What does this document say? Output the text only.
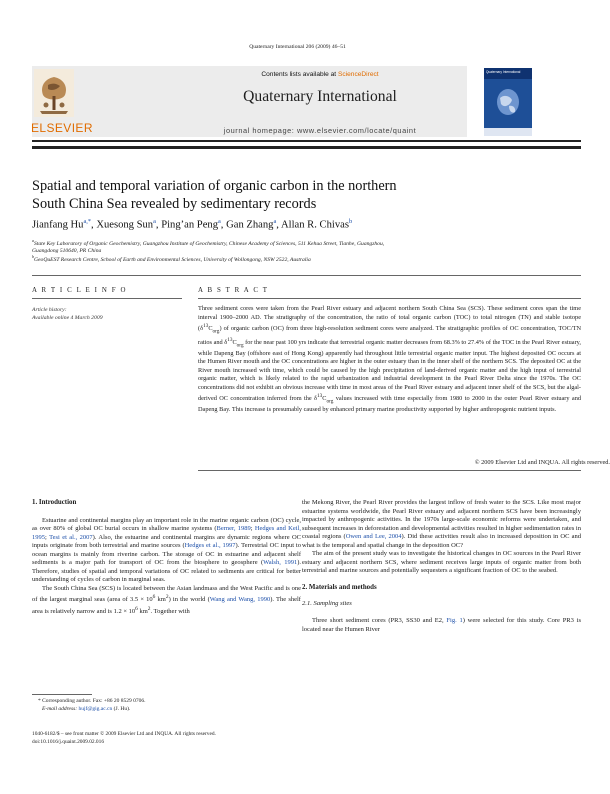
Quaternary International 206 (2009) 46–51
Contents lists available at ScienceDirect
Quaternary International
journal homepage: www.elsevier.com/locate/quaint
ELSEVIER
Quaternary International
Spatial and temporal variation of organic carbon in the northern
South China Sea revealed by sedimentary records
Jianfang $Hu^{a,*}$, Xuesong Sun$^a$, Ping’an Peng$^a$, Gan Zhang$^a$, Allan R. Chivas$^b$
$^a$State Key Laboratory of Organic Geochemistry, Guangzhou Institute of Geochemistry, Chinese Academy of Sciences, 511 Kehua Street, Tianhe, Guangzhou,
Guangdong 510640, PR China
$^b$GeoQuEST Research Centre, School of Earth and Environmental Sciences, University of Wollongong, NSW 2522, Australia
A R T I C L E I N F O
Article history:
Available online 4 March 2009
A B S T R A C T
Three sediment cores were taken from the Pearl River estuary and adjacent northern South China Sea (SCS). These sediment cores span the time interval 1900–2000 AD. The stratigraphy of the concentration, the ratio of total organic carbon (TOC) to total nitrogen (TN) and stable isotope $(\delta^{13}C_{org})$ of organic carbon (OC) from three high-resolution sediment cores were analyzed. The stratigraphic profiles of OC concentration, TOC/TN ratios and $\delta^{13}C_{org}$ for the near past 100 yrs indicate that terrestrial organic matter decreases from 68.3% to 27.4% of the TOC in the Pearl River estuary, while Dapeng Bay (offshore east of Hong Kong) apparently had throughout little terrestrial organic matter input. The highest deposited OC occurs at the Humen River mouth and the OC concentrations are higher in the outer estuary than in the inner shelf of the northern SCS. The deposited OC at the River mouth increased with time, which could be caused by the high precipitation of land-derived organic matter and the high input of terrestrial organic matter, which is likely related to the rapid urbanization and industrial development in the Pearl River Delta since the 1970s. The OC concentrations did not exhibit an obvious increase with time in most areas of the Pearl River estuary and adjacent inner shelf of the SCS, but the algal-derived OC concentration inferred from the $\delta^{13}C_{org}$ values increased with time especially from 1980 to 2000 in the outer Pearl River estuary and Dapeng Bay. This increase is presumably caused by enhanced primary marine productivity supported by higher anthropogenic nutrient inputs.
© 2009 Elsevier Ltd and INQUA. All rights reserved.
1. Introduction

Estuarine and continental margins play an important role in the marine organic carbon (OC) cycle, as over 80% of global OC burial occurs in shallow marine systems (Berner, 1989; Hedges and Keil, 1995; Tesi et al., 2007). Also, the estuarine and continental margins are dynamic regions where OC inputs originate from both terrestrial and marine sources (Hedges et al., 1997). Terrestrial OC input to ocean margins is mainly from riverine carbon. The storage of OC in estuarine and adjacent shelf sediments is a major path for transport of OC from the biosphere to geosphere (Walsh, 1991). Therefore, studies of spatial and temporal variations of OC related to sediments are critical for better understanding of cycles of carbon in marginal seas.

The South China Sea (SCS) is located between the Asian landmass and the West Pacific and is one of the largest marginal seas (area of $3.5 \times 10^6$ $km^2$) in the world (Wang and Wang, 1990). The shelf area is relatively narrow and is $1.2 \times 10^6$ $km^2$. Together with

the Mekong River, the Pearl River provides the largest inflow of fresh water to the SCS. Like most major estuarine systems worldwide, the Pearl River estuary and adjacent northern SCS have been increasingly impacted by anthropogenic activities. In the 1970s large-scale economic reforms were undertaken, and subsequent increases in deforestation and developmental activities resulted in higher sedimentation rates in coastal regions (Owen and Lee, 2004). Did these activities result also in increased deposition in OC and what is the temporal and spatial change in the deposition OC?

The aim of the present study was to investigate the historical changes in OC sources in the Pearl River estuary and adjacent northern SCS, where sediment receives large inputs of organic matter from both terrestrial and marine sources and potentially sequesters a significant fraction of OC to the seabed.

2. Materials and methods
2.1. Sampling sites

Three short sediment cores (PR3, SS30 and E2, Fig. 1) were selected for this study. Core PR3 is located near the Humen River

* Corresponding author. Fax: +86 20 8529 0706.
E-mail address: hujf@gig.ac.cn (J. Hu).
1040-6182/$ – see front matter © 2009 Elsevier Ltd and INQUA. All rights reserved.
doi:10.1016/j.quaint.2009.02.016
